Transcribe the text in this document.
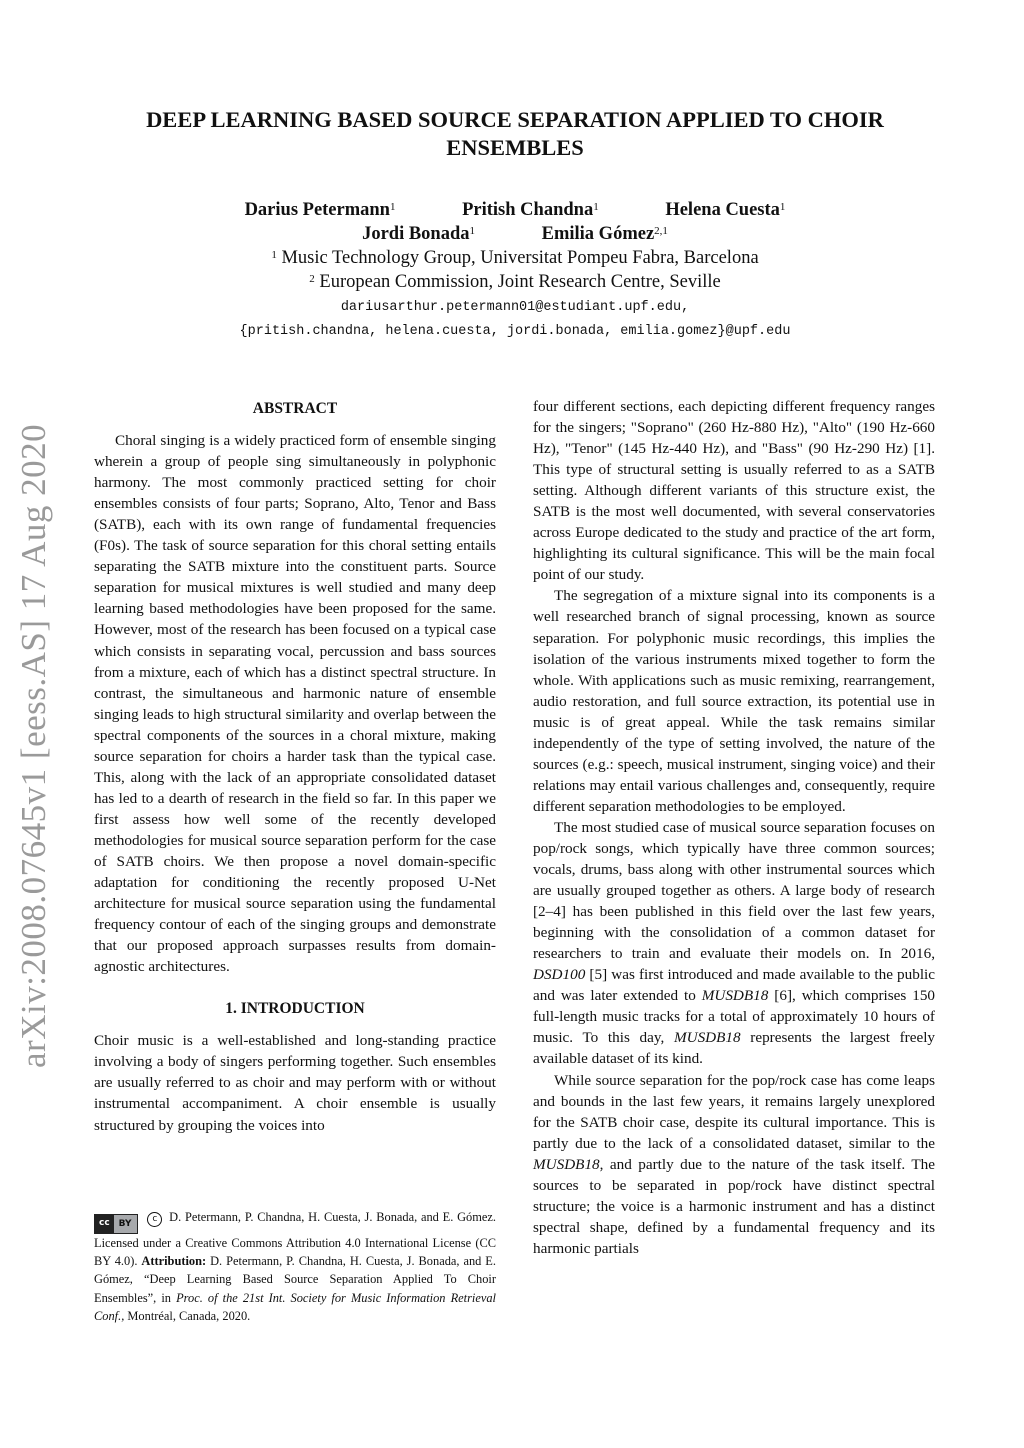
arXiv:2008.07645v1 [eess.AS] 17 Aug 2020
DEEP LEARNING BASED SOURCE SEPARATION APPLIED TO CHOIR
ENSEMBLES
Darius Petermann$^1$	Pritish Chandna$^1$	Helena Cuesta$^1$
Jordi Bonada$^1$	Emilia Gómez$^{2,1}$
$^1$ Music Technology Group, Universitat Pompeu Fabra, Barcelona
$^2$ European Commission, Joint Research Centre, Seville
dariusarthur.petermann01@estudiant.upf.edu,
{pritish.chandna, helena.cuesta, jordi.bonada, emilia.gomez}@upf.edu
ABSTRACT

Choral singing is a widely practiced form of ensemble singing wherein a group of people sing simultaneously in polyphonic harmony. The most commonly practiced setting for choir ensembles consists of four parts; Soprano, Alto, Tenor and Bass (SATB), each with its own range of fundamental frequencies (F0s). The task of source separation for this choral setting entails separating the SATB mixture into the constituent parts. Source separation for musical mixtures is well studied and many deep learning based methodologies have been proposed for the same. However, most of the research has been focused on a typical case which consists in separating vocal, percussion and bass sources from a mixture, each of which has a distinct spectral structure. In contrast, the simultaneous and harmonic nature of ensemble singing leads to high structural similarity and overlap between the spectral components of the sources in a choral mixture, making source separation for choirs a harder task than the typical case. This, along with the lack of an appropriate consolidated dataset has led to a dearth of research in the field so far. In this paper we first assess how well some of the recently developed methodologies for musical source separation perform for the case of SATB choirs. We then propose a novel domain-specific adaptation for conditioning the recently proposed U-Net architecture for musical source separation using the fundamental frequency contour of each of the singing groups and demonstrate that our proposed approach surpasses results from domain-agnostic architectures.

1. INTRODUCTION

Choir music is a well-established and long-standing practice involving a body of singers performing together. Such ensembles are usually referred to as choir and may perform with or without instrumental accompaniment. A choir ensemble is usually structured by grouping the voices into

cc	BY	c D. Petermann, P. Chandna, H. Cuesta, J. Bonada, and E. Gómez. Licensed under a Creative Commons Attribution 4.0 International License (CC BY 4.0). Attribution: D. Petermann, P. Chandna, H. Cuesta, J. Bonada, and E. Gómez, “Deep Learning Based Source Separation Applied To Choir Ensembles”, in Proc. of the 21st Int. Society for Music Information Retrieval Conf., Montréal, Canada, 2020.

four different sections, each depicting different frequency ranges for the singers; "Soprano" (260 Hz-880 Hz), "Alto" (190 Hz-660 Hz), "Tenor" (145 Hz-440 Hz), and "Bass" (90 Hz-290 Hz) [1]. This type of structural setting is usually referred to as a SATB setting. Although different variants of this structure exist, the SATB is the most well documented, with several conservatories across Europe dedicated to the study and practice of the art form, highlighting its cultural significance. This will be the main focal point of our study.

The segregation of a mixture signal into its components is a well researched branch of signal processing, known as source separation. For polyphonic music recordings, this implies the isolation of the various instruments mixed together to form the whole. With applications such as music remixing, rearrangement, audio restoration, and full source extraction, its potential use in music is of great appeal. While the task remains similar independently of the type of setting involved, the nature of the sources (e.g.: speech, musical instrument, singing voice) and their relations may entail various challenges and, consequently, require different separation methodologies to be employed.

The most studied case of musical source separation focuses on pop/rock songs, which typically have three common sources; vocals, drums, bass along with other instrumental sources which are usually grouped together as others. A large body of research [2–4] has been published in this field over the last few years, beginning with the consolidation of a common dataset for researchers to train and evaluate their models on. In 2016, DSD100 [5] was first introduced and made available to the public and was later extended to MUSDB18 [6], which comprises 150 full-length music tracks for a total of approximately 10 hours of music. To this day, MUSDB18 represents the largest freely available dataset of its kind.

While source separation for the pop/rock case has come leaps and bounds in the last few years, it remains largely unexplored for the SATB choir case, despite its cultural importance. This is partly due to the lack of a consolidated dataset, similar to the MUSDB18, and partly due to the nature of the task itself. The sources to be separated in pop/rock have distinct spectral structure; the voice is a harmonic instrument and has a distinct spectral shape, defined by a fundamental frequency and its harmonic partials
